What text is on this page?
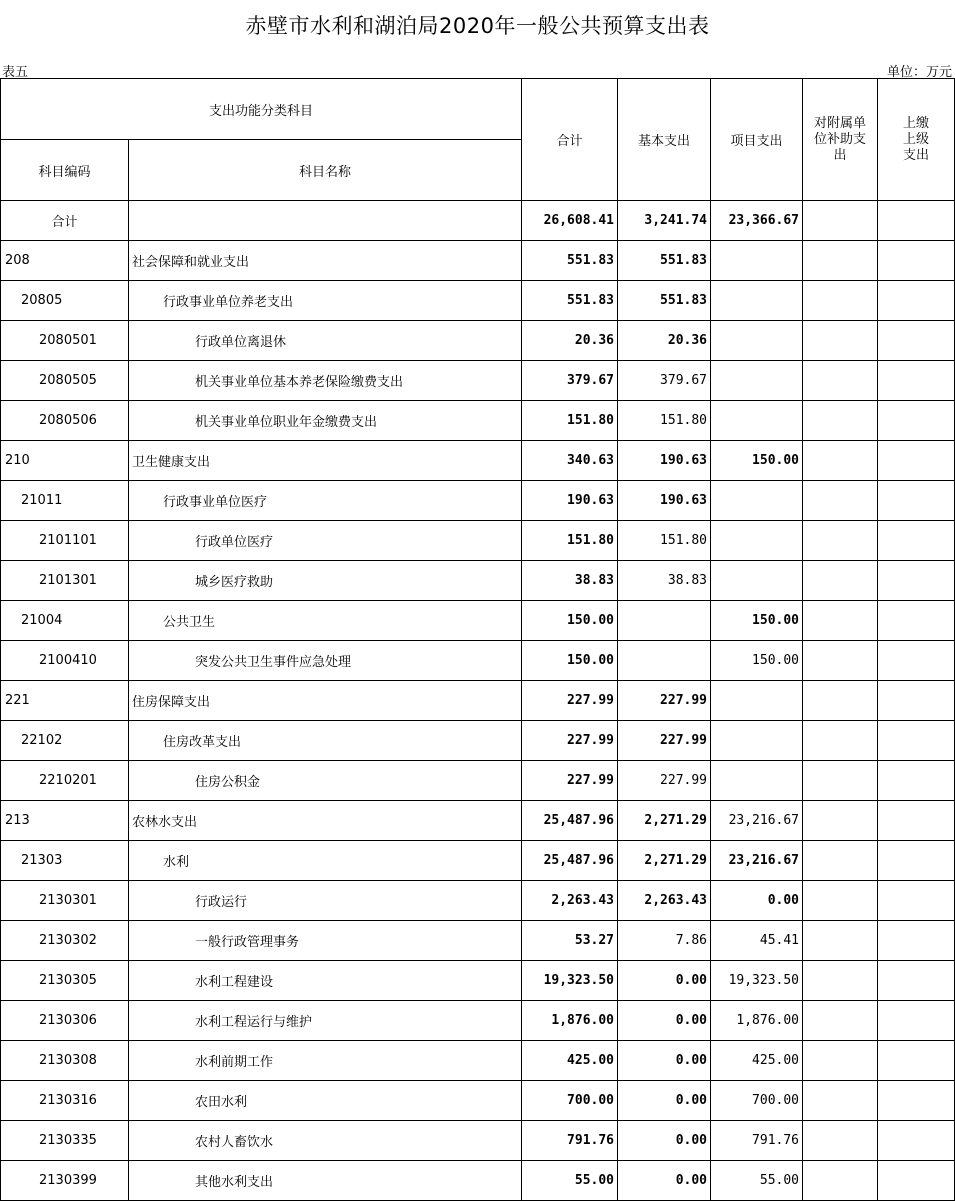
赤壁市水利和湖泊局2020年一般公共预算支出表
表五	单位：万元
支出功能分类科目		合计	基本支出	项目支出	对附属单位补助支出	上缴上级支出

科目编码	科目名称					
合计		26,608.41	3,241.74	23,366.67		
208	社会保障和就业支出	551.83	551.83			
20805	行政事业单位养老支出	551.83	551.83			
2080501	行政单位离退休	20.36	20.36			
2080505	机关事业单位基本养老保险缴费支出	379.67	379.67			
2080506	机关事业单位职业年金缴费支出	151.80	151.80			
210	卫生健康支出	340.63	190.63	150.00		
21011	行政事业单位医疗	190.63	190.63			
2101101	行政单位医疗	151.80	151.80			
2101301	城乡医疗救助	38.83	38.83			
21004	公共卫生	150.00		150.00		
2100410	突发公共卫生事件应急处理	150.00		150.00		
221	住房保障支出	227.99	227.99			
22102	住房改革支出	227.99	227.99			
2210201	住房公积金	227.99	227.99			
213	农林水支出	25,487.96	2,271.29	23,216.67		
21303	水利	25,487.96	2,271.29	23,216.67		
2130301	行政运行	2,263.43	2,263.43	0.00		
2130302	一般行政管理事务	53.27	7.86	45.41		
2130305	水利工程建设	19,323.50	0.00	19,323.50		
2130306	水利工程运行与维护	1,876.00	0.00	1,876.00		
2130308	水利前期工作	425.00	0.00	425.00		
2130316	农田水利	700.00	0.00	700.00		
2130335	农村人畜饮水	791.76	0.00	791.76		
2130399	其他水利支出	55.00	0.00	55.00		
